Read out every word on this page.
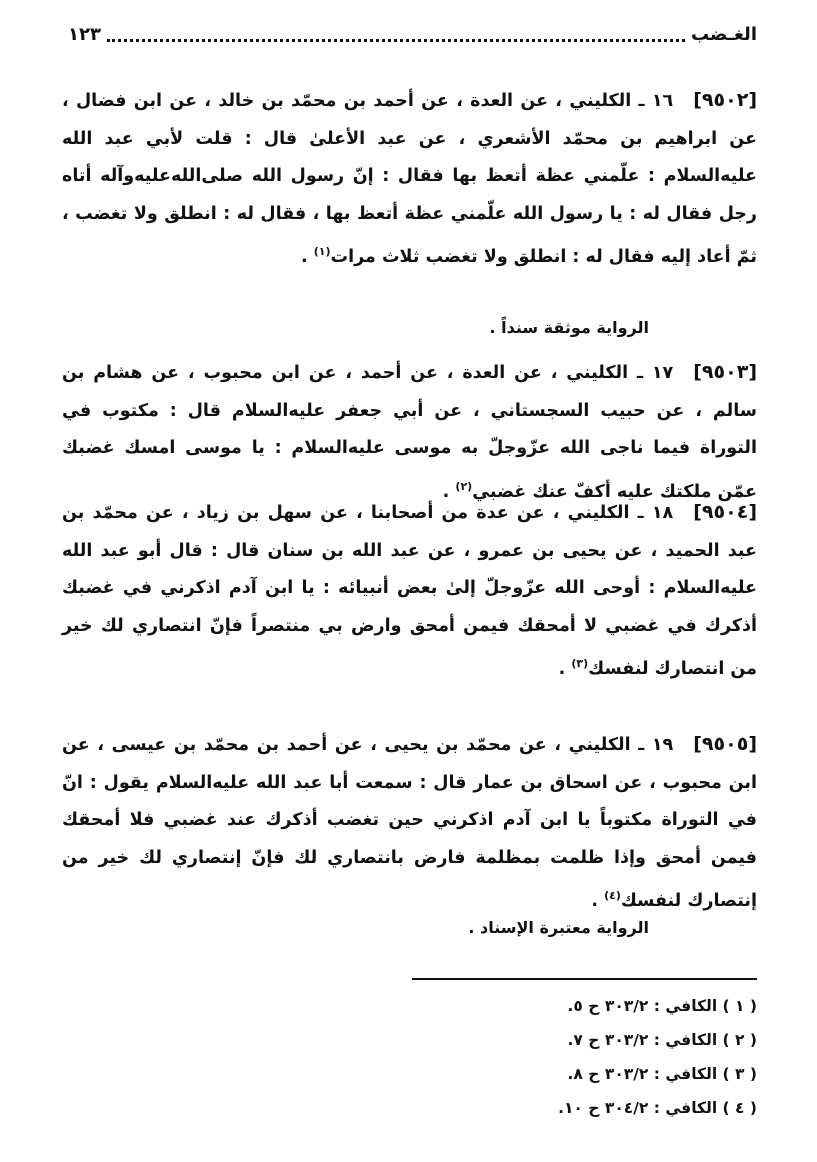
الغـضب
١٢٣
[٩٥٠٢]١٦ ـ الكليني ، عن العدة ، عن أحمد بن محمّد بن خالد ، عن ابن فضال ، عن ابراهيم بن محمّد الأشعري ، عن عبد الأعلىٰ قال : قلت لأبي عبد الله عليه‌السلام : علّمني عظة أتعظ بها فقال : إنّ رسول الله صلى‌الله‌عليه‌وآله أتاه رجل فقال له : يا رسول الله علّمني عظة أتعظ بها ، فقال له : انطلق ولا تغضب ، ثمّ أعاد إليه فقال له : انطلق ولا تغضب ثلاث مرات$^{(١)}$ .
الرواية موثقة سنداً .
[٩٥٠٣]١٧ ـ الكليني ، عن العدة ، عن أحمد ، عن ابن محبوب ، عن هشام بن سالم ، عن حبيب السجستاني ، عن أبي جعفر عليه‌السلام قال : مكتوب في التوراة فيما ناجى الله عزّوجلّ به موسى عليه‌السلام : يا موسى امسك غضبك عمّن ملكتك عليه أكفّ عنك غضبي$^{(٢)}$ .
[٩٥٠٤]١٨ ـ الكليني ، عن عدة من أصحابنا ، عن سهل بن زياد ، عن محمّد بن عبد الحميد ، عن يحيى بن عمرو ، عن عبد الله بن سنان قال : قال أبو عبد الله عليه‌السلام : أوحى الله عزّوجلّ إلىٰ بعض أنبيائه : يا ابن آدم اذكرني في غضبك أذكرك في غضبي لا أمحقك فيمن أمحق وارض بي منتصراً فإنّ انتصاري لك خير من انتصارك لنفسك$^{(٣)}$ .
[٩٥٠٥]١٩ ـ الكليني ، عن محمّد بن يحيى ، عن أحمد بن محمّد بن عيسى ، عن ابن محبوب ، عن اسحاق بن عمار قال : سمعت أبا عبد الله عليه‌السلام يقول : انّ في التوراة مكتوباً يا ابن آدم اذكرني حين تغضب أذكرك عند غضبي فلا أمحقك فيمن أمحق وإذا ظلمت بمظلمة فارض بانتصاري لك فإنّ إنتصاري لك خير من إنتصارك لنفسك$^{(٤)}$ .
الرواية معتبرة الإسناد .
( ١ ) الكافي : ٣٠٣/٢ ح ٥.
( ٢ ) الكافي : ٣٠٣/٢ ح ٧.
( ٣ ) الكافي : ٣٠٣/٢ ح ٨.
( ٤ ) الكافي : ٣٠٤/٢ ح ١٠.
